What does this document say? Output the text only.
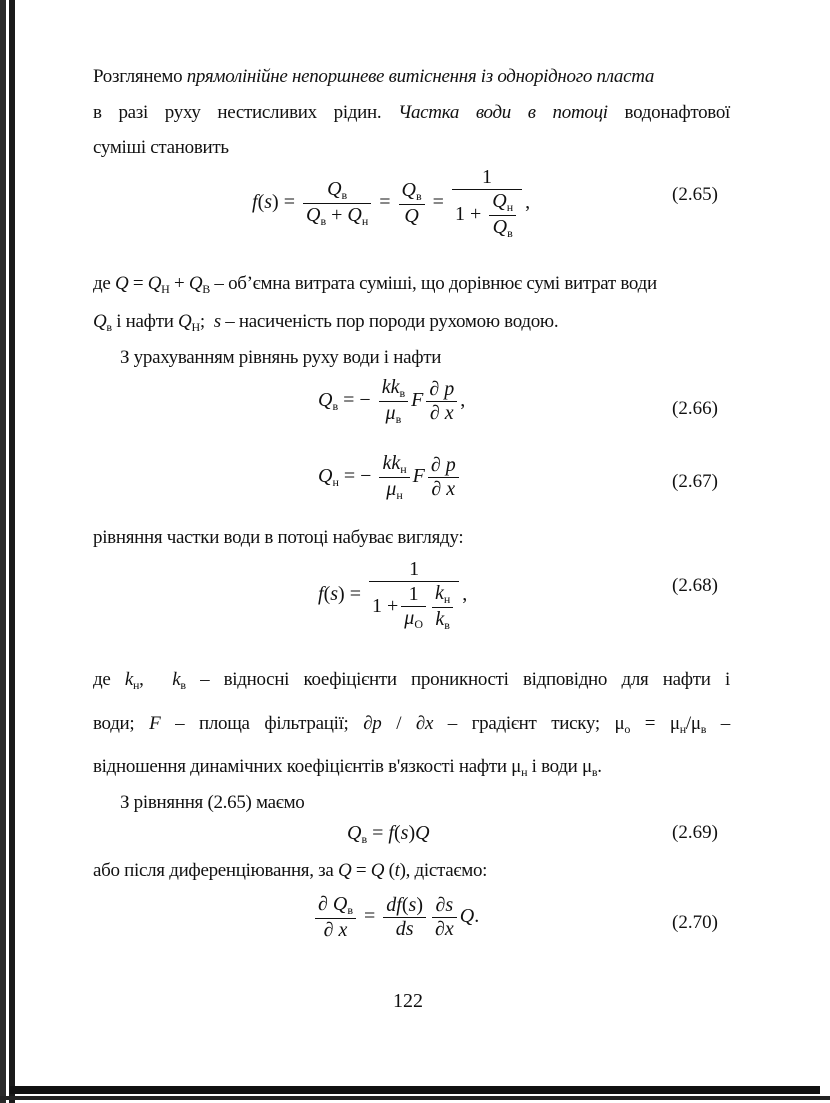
Розглянемо прямолінійне непоршневе витіснення із однорідного пласта
в разі руху нестисливих рідин. Частка води в потоці водонафтової
суміші становить
$f(s) = \frac{Q_в}{Q_в + Q_н} = \frac{Q_в}{Q} = \frac{1}{1 + \frac{Q_н}{Q_в}}$ ,	(2.65)
де $Q = Q_Н + Q_В$ – об’ємна витрата суміші, що дорівнює сумі витрат води
$Q_в$ і нафти $Q_Н$;  s – насиченість пор породи рухомою водою.
З урахуванням рівнянь руху води і нафти
$Q_в$ = − $\frac{kk_в}{\mu_в}$ F $\frac{\partial p}{\partial x}$ ,	(2.66)
$Q_н$ = − $\frac{kk_н}{\mu_н}$ F $\frac{\partial p}{\partial x}$	(2.67)
рівняння частки води в потоці набуває вигляду:
$f(s) = \frac{1}{1 + \frac{1}{\mu_О} \frac{k_н}{k_в}}$ ,	(2.68)
де $k_н$,  $k_в$ – відносні коефіцієнти проникності відповідно для нафти і
води; F – площа фільтрації; ∂p / ∂x – градієнт тиску; $\mu_о = \mu_н/\mu_в$ –
відношення динамічних коефіцієнтів в'язкості нафти $\mu_н$ і води $\mu_в$.
З рівняння (2.65) маємо
$Q_в = f(s)Q$	(2.69)
або після диференціювання, за Q = Q (t), дістаємо:
$\frac{\partial Q_в}{\partial x} = \frac{df(s)}{ds} \frac{\partial s}{\partial x} Q$.	(2.70)
122
